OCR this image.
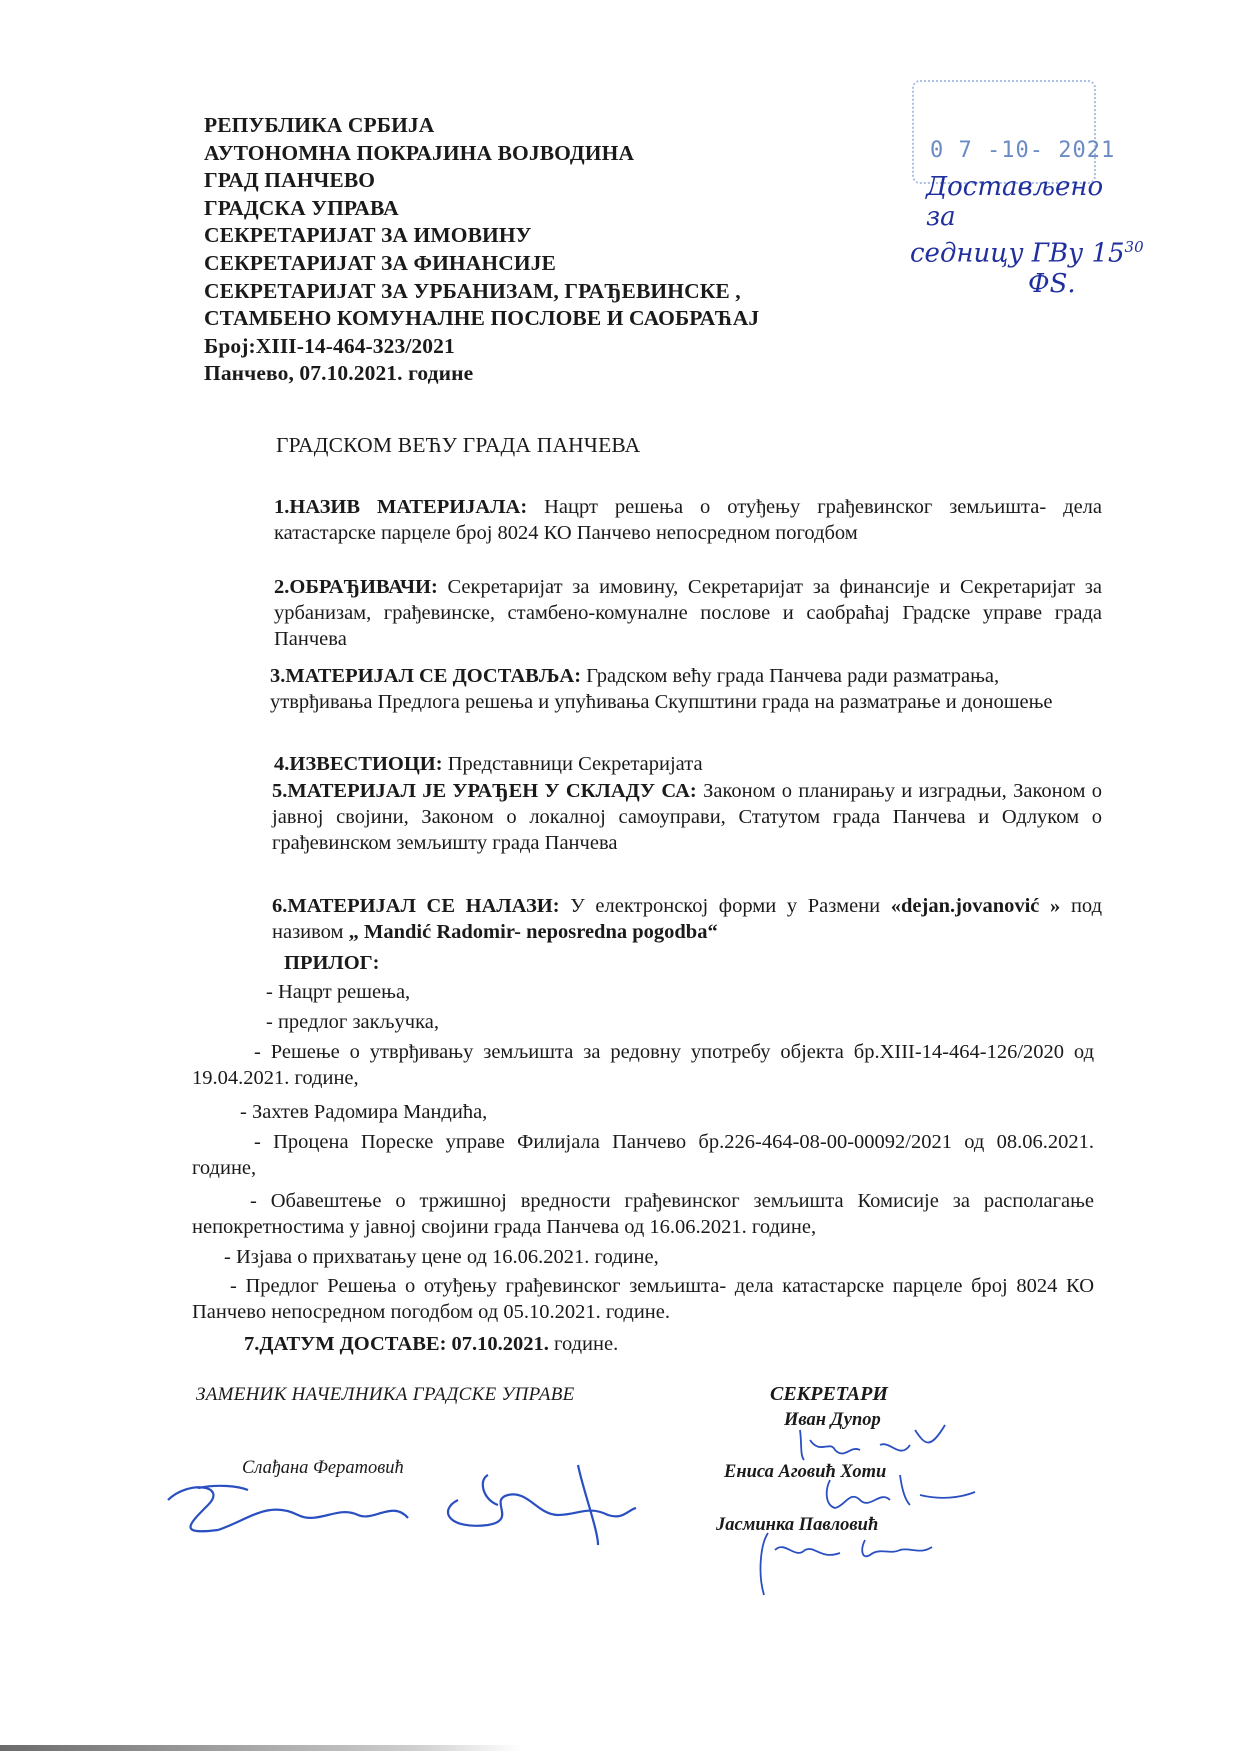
0 7 -10- 2021
Достављено за
седницу ГВу $15^{30}$
ФЅ.
РЕПУБЛИКА СРБИЈА
АУТОНОМНА ПОКРАЈИНА ВОЈВОДИНА
ГРАД ПАНЧЕВО
ГРАДСКА УПРАВА
СЕКРЕТАРИЈАТ ЗА ИМОВИНУ
СЕКРЕТАРИЈАТ ЗА ФИНАНСИЈЕ
СЕКРЕТАРИЈАТ ЗА УРБАНИЗАМ, ГРАЂЕВИНСКЕ ,
СТАМБЕНО КОМУНАЛНЕ ПОСЛОВЕ И САОБРАЋАЈ
Број:XIII-14-464-323/2021
Панчево, 07.10.2021. године
ГРАДСКОМ ВЕЋУ ГРАДА ПАНЧЕВА
1.НАЗИВ МАТЕРИЈАЛА: Нацрт решења о отуђењу грађевинског земљишта- дела катастарске парцеле број 8024 КО Панчево непосредном погодбом
2.ОБРАЂИВАЧИ: Секретаријат за имовину, Секретаријат за финансије и Секретаријат за урбанизам, грађевинске, стамбено-комуналне послове и саобраћај Градске управе града Панчева
3.МАТЕРИЈАЛ СЕ ДОСТАВЉА: Градском већу града Панчева ради разматрања, утврђивања Предлога решења и упућивања Скупштини града на разматрање и доношење
4.ИЗВЕСТИОЦИ: Представници Секретаријата
5.МАТЕРИЈАЛ ЈЕ УРАЂЕН У СКЛАДУ СА: Законом о планирању и изградњи, Законом о јавној својини, Законом о локалној самоуправи, Статутом града Панчева и Одлуком о грађевинском земљишту града Панчева
6.МАТЕРИЈАЛ СЕ НАЛАЗИ: У електронској форми у Размени «dejan.jovanović » под називом „ Mandić Radomir- neposredna pogodba“
ПРИЛОГ:
- Нацрт решења,
- предлог закључка,
- Решење о утврђивању земљишта за редовну употребу објекта бр.XIII-14-464-126/2020 од 19.04.2021. године,
- Захтев Радомира Мандића,
- Процена Пореске управе Филијала Панчево бр.226-464-08-00-00092/2021 од 08.06.2021. године,
- Обавештење о тржишној вредности грађевинског земљишта Комисије за располагање непокретностима у јавној својини града Панчева од 16.06.2021. године,
- Изјава о прихватању цене од 16.06.2021. године,
- Предлог Решења о отуђењу грађевинског земљишта- дела катастарске парцеле број 8024 КО Панчево непосредном погодбом од 05.10.2021. године.
7.ДАТУМ ДОСТАВЕ: 07.10.2021. године.
ЗАМЕНИК НАЧЕЛНИКА ГРАДСКЕ УПРАВЕ
Слађана Фератовић
СЕКРЕТАРИ
Иван Дупор
Ениса Аговић Хоти
Јасминка Павловић
